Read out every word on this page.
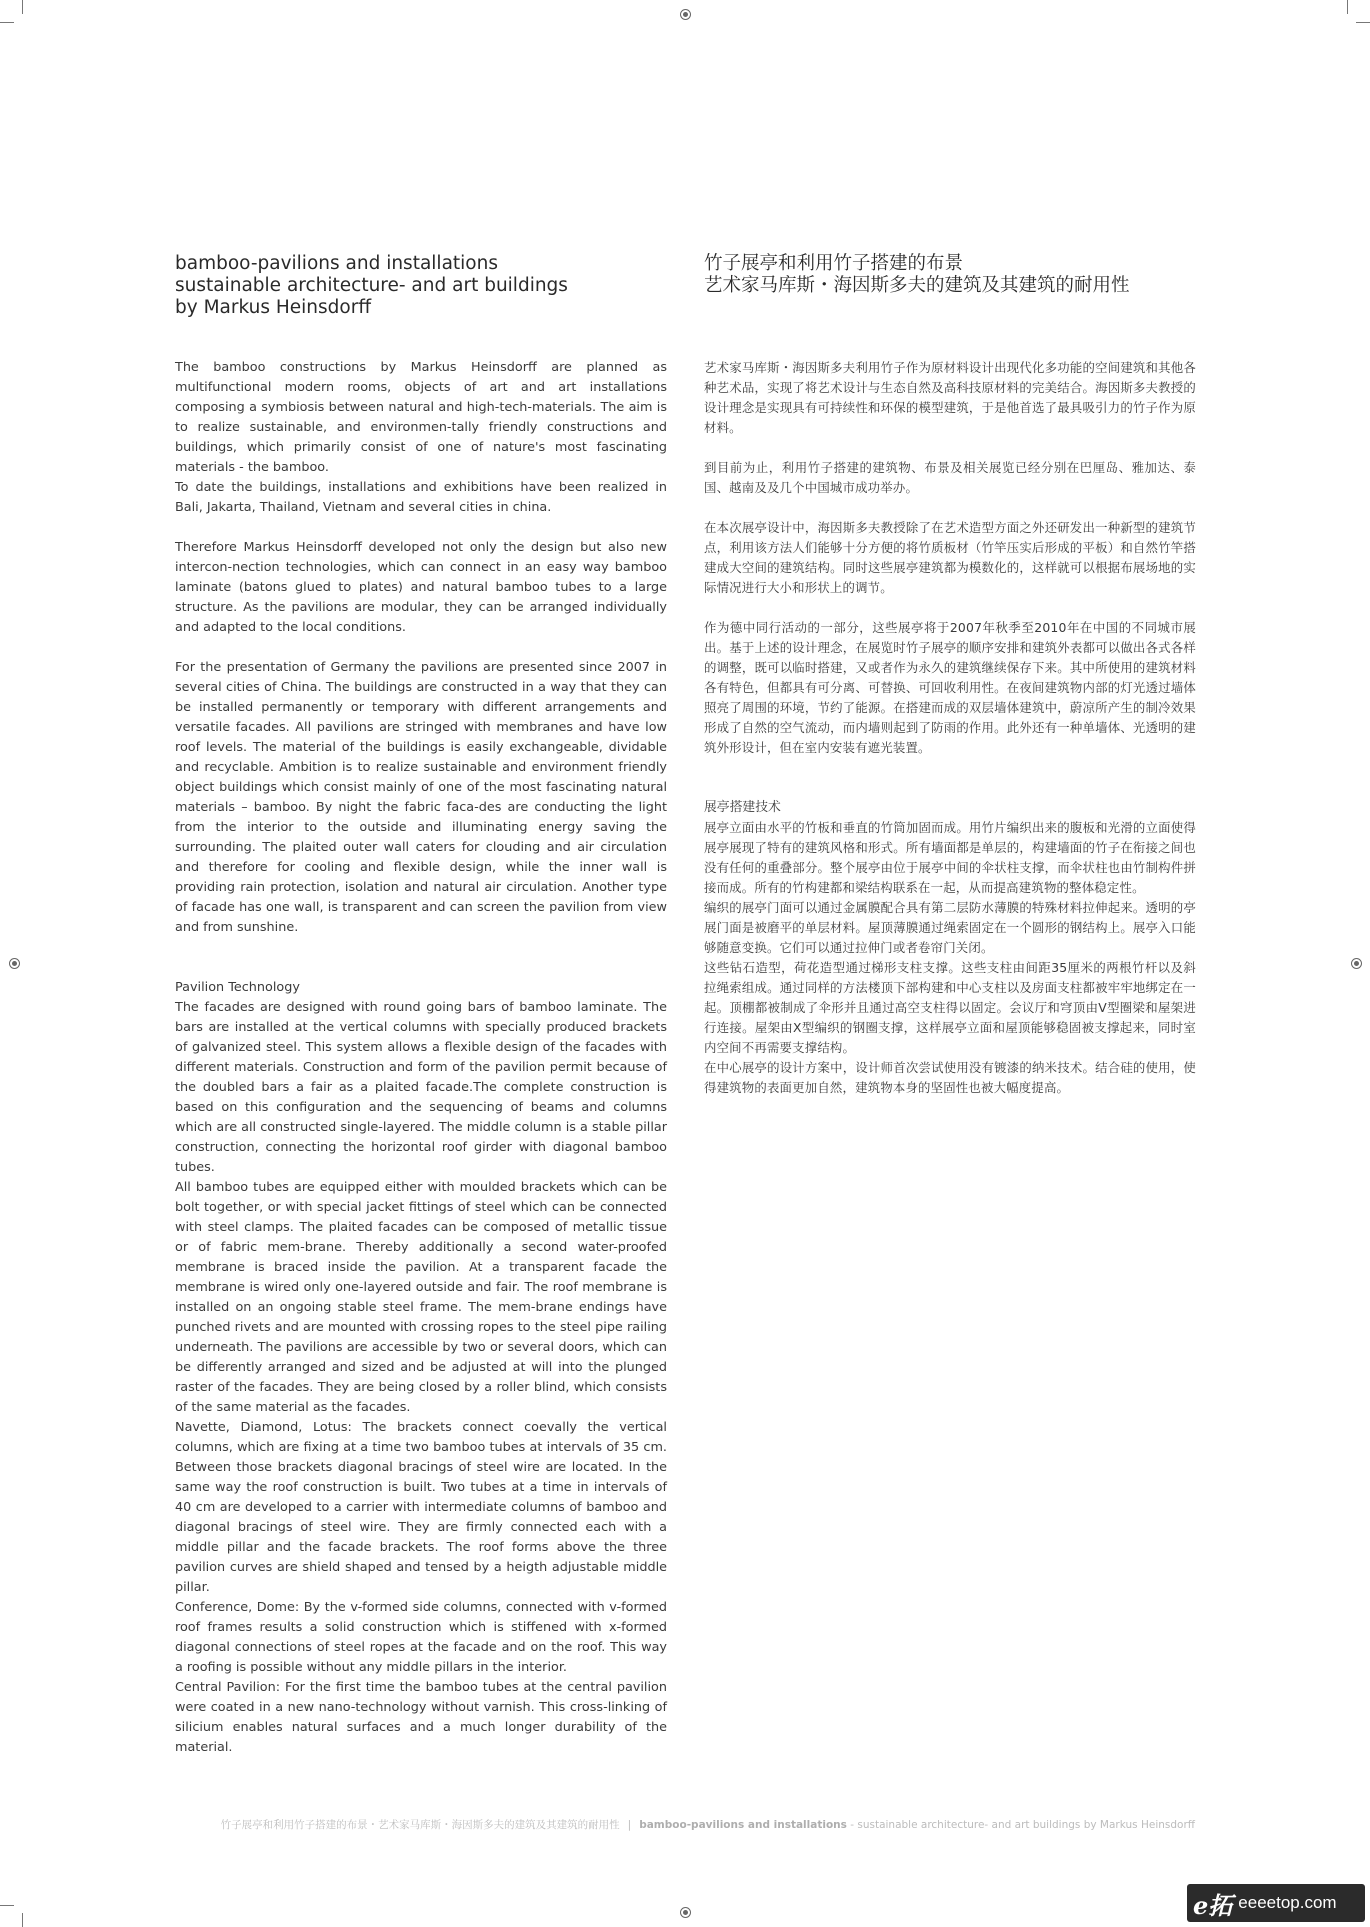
bamboo-pavilions and installations
sustainable architecture- and art buildings
by Markus Heinsdorff

The bamboo constructions by Markus Heinsdorff are planned as multifunctional modern rooms, objects of art and art installations composing a symbiosis between natural and high-tech-materials. The aim is to realize sustainable, and environmen-tally friendly constructions and buildings, which primarily consist of one of nature's most fascinating materials - the bamboo.

To date the buildings, installations and exhibitions have been realized in Bali, Jakarta, Thailand, Vietnam and several cities in china.

Therefore Markus Heinsdorff developed not only the design but also new intercon-nection technologies, which can connect in an easy way bamboo laminate (batons glued to plates) and natural bamboo tubes to a large structure. As the pavilions are modular, they can be arranged individually and adapted to the local conditions.

For the presentation of Germany the pavilions are presented since 2007 in several cities of China. The buildings are constructed in a way that they can be installed permanently or temporary with different arrangements and versatile facades. All pavilions are stringed with membranes and have low roof levels. The material of the buildings is easily exchangeable, dividable and recyclable. Ambition is to realize sustainable and environment friendly object buildings which consist mainly of one of the most fascinating natural materials – bamboo. By night the fabric faca-des are conducting the light from the interior to the outside and illuminating energy saving the surrounding. The plaited outer wall caters for clouding and air circulation and therefore for cooling and flexible design, while the inner wall is providing rain protection, isolation and natural air circulation. Another type of facade has one wall, is transparent and can screen the pavilion from view and from sunshine.

Pavilion Technology

The facades are designed with round going bars of bamboo laminate. The bars are installed at the vertical columns with specially produced brackets of galvanized steel. This system allows a flexible design of the facades with different materials. Construction and form of the pavilion permit because of the doubled bars a fair as a plaited facade.The complete construction is based on this configuration and the sequencing of beams and columns which are all constructed single-layered. The middle column is a stable pillar construction, connecting the horizontal roof girder with diagonal bamboo tubes.

All bamboo tubes are equipped either with moulded brackets which can be bolt together, or with special jacket fittings of steel which can be connected with steel clamps. The plaited facades can be composed of metallic tissue or of fabric mem-brane. Thereby additionally a second water-proofed membrane is braced inside the pavilion. At a transparent facade the membrane is wired only one-layered outside and fair. The roof membrane is installed on an ongoing stable steel frame. The mem-brane endings have punched rivets and are mounted with crossing ropes to the steel pipe railing underneath. The pavilions are accessible by two or several doors, which can be differently arranged and sized and be adjusted at will into the plunged raster of the facades. They are being closed by a roller blind, which consists of the same material as the facades.

Navette, Diamond, Lotus: The brackets connect coevally the vertical columns, which are fixing at a time two bamboo tubes at intervals of 35 cm. Between those brackets diagonal bracings of steel wire are located. In the same way the roof construction is built. Two tubes at a time in intervals of 40 cm are developed to a carrier with intermediate columns of bamboo and diagonal bracings of steel wire. They are firmly connected each with a middle pillar and the facade brackets. The roof forms above the three pavilion curves are shield shaped and tensed by a heigth adjustable middle pillar.

Conference, Dome: By the v-formed side columns, connected with v-formed roof frames results a solid construction which is stiffened with x-formed diagonal connections of steel ropes at the facade and on the roof. This way a roofing is possible without any middle pillars in the interior.

Central Pavilion: For the first time the bamboo tubes at the central pavilion were coated in a new nano-technology without varnish. This cross-linking of silicium enables natural surfaces and a much longer durability of the material.

竹子展亭和利用竹子搭建的布景
艺术家马库斯・海因斯多夫的建筑及其建筑的耐用性

艺术家马库斯・海因斯多夫利用竹子作为原材料设计出现代化多功能的空间建筑和其他各种艺术品，实现了将艺术设计与生态自然及高科技原材料的完美结合。海因斯多夫教授的设计理念是实现具有可持续性和环保的模型建筑，于是他首选了最具吸引力的竹子作为原材料。

到目前为止，利用竹子搭建的建筑物、布景及相关展览已经分别在巴厘岛、雅加达、泰国、越南及及几个中国城市成功举办。

在本次展亭设计中，海因斯多夫教授除了在艺术造型方面之外还研发出一种新型的建筑节点，利用该方法人们能够十分方便的将竹质板材（竹竿压实后形成的平板）和自然竹竿搭建成大空间的建筑结构。同时这些展亭建筑都为模数化的，这样就可以根据布展场地的实际情况进行大小和形状上的调节。

作为德中同行活动的一部分，这些展亭将于2007年秋季至2010年在中国的不同城市展出。基于上述的设计理念，在展览时竹子展亭的顺序安排和建筑外表都可以做出各式各样的调整，既可以临时搭建，又或者作为永久的建筑继续保存下来。其中所使用的建筑材料各有特色，但都具有可分离、可替换、可回收利用性。在夜间建筑物内部的灯光透过墙体照亮了周围的环境，节约了能源。在搭建而成的双层墙体建筑中，蔚凉所产生的制冷效果形成了自然的空气流动，而内墙则起到了防雨的作用。此外还有一种单墙体、光透明的建筑外形设计，但在室内安装有遮光装置。

展亭搭建技术

展亭立面由水平的竹板和垂直的竹筒加固而成。用竹片编织出来的腹板和光滑的立面使得展亭展现了特有的建筑风格和形式。所有墙面都是单层的，构建墙面的竹子在衔接之间也没有任何的重叠部分。整个展亭由位于展亭中间的伞状柱支撑，而伞状柱也由竹制构件拼接而成。所有的竹构建都和梁结构联系在一起，从而提高建筑物的整体稳定性。

编织的展亭门面可以通过金属膜配合具有第二层防水薄膜的特殊材料拉伸起来。透明的亭展门面是被磨平的单层材料。屋顶薄膜通过绳索固定在一个圆形的钢结构上。展亭入口能够随意变换。它们可以通过拉伸门或者卷帘门关闭。

这些钻石造型，荷花造型通过梯形支柱支撑。这些支柱由间距35厘米的两根竹杆以及斜拉绳索组成。通过同样的方法楼顶下部构建和中心支柱以及房面支柱都被牢牢地绑定在一起。顶棚都被制成了伞形并且通过高空支柱得以固定。会议厅和穹顶由V型圈梁和屋架进行连接。屋架由X型编织的钢圈支撑，这样展亭立面和屋顶能够稳固被支撑起来，同时室内空间不再需要支撑结构。

在中心展亭的设计方案中，设计师首次尝试使用没有镀漆的纳米技术。结合硅的使用，使得建筑物的表面更加自然，建筑物本身的坚固性也被大幅度提高。

竹子展亭和利用竹子搭建的布景・艺术家马库斯・海因斯多夫的建筑及其建筑的耐用性 | bamboo-pavilions and installations - sustainable architecture- and art buildings by Markus Heinsdorff
e拓 eeeetop.com
